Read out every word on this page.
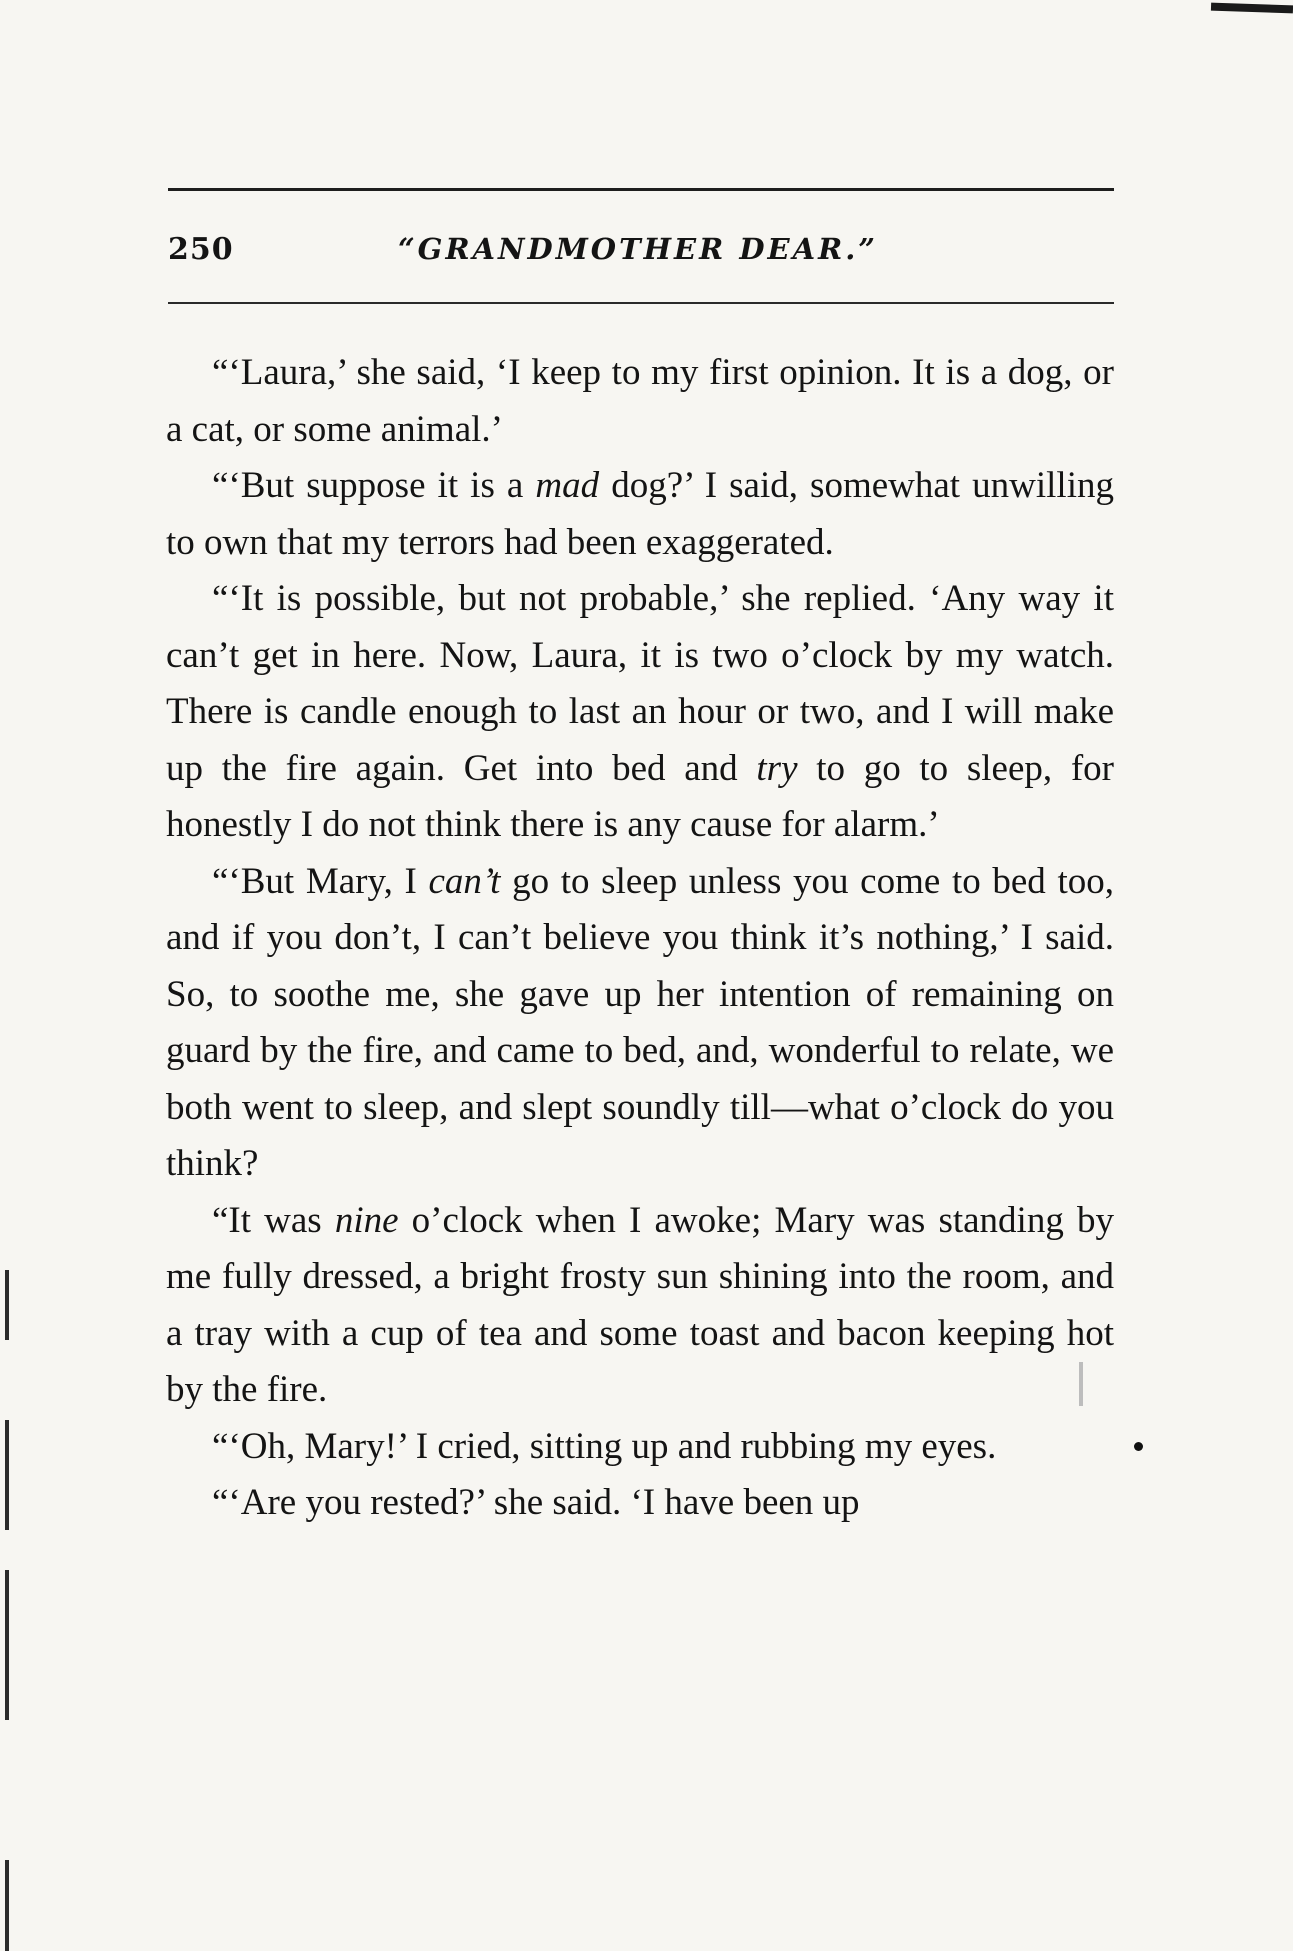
250	“GRANDMOTHER DEAR.”

“‘Laura,’ she said, ‘I keep to my first opinion. It is a dog, or a cat, or some animal.’

“‘But suppose it is a mad dog?’ I said, somewhat unwilling to own that my terrors had been exaggerated.

“‘It is possible, but not probable,’ she replied. ‘Any way it can’t get in here. Now, Laura, it is two o’clock by my watch. There is candle enough to last an hour or two, and I will make up the fire again. Get into bed and try to go to sleep, for honestly I do not think there is any cause for alarm.’

“‘But Mary, I can’t go to sleep unless you come to bed too, and if you don’t, I can’t believe you think it’s nothing,’ I said. So, to soothe me, she gave up her intention of remaining on guard by the fire, and came to bed, and, wonderful to relate, we both went to sleep, and slept soundly till—what o’clock do you think?

“It was nine o’clock when I awoke; Mary was standing by me fully dressed, a bright frosty sun shining into the room, and a tray with a cup of tea and some toast and bacon keeping hot by the fire.

“‘Oh, Mary!’ I cried, sitting up and rubbing my eyes.

“‘Are you rested?’ she said. ‘I have been up
